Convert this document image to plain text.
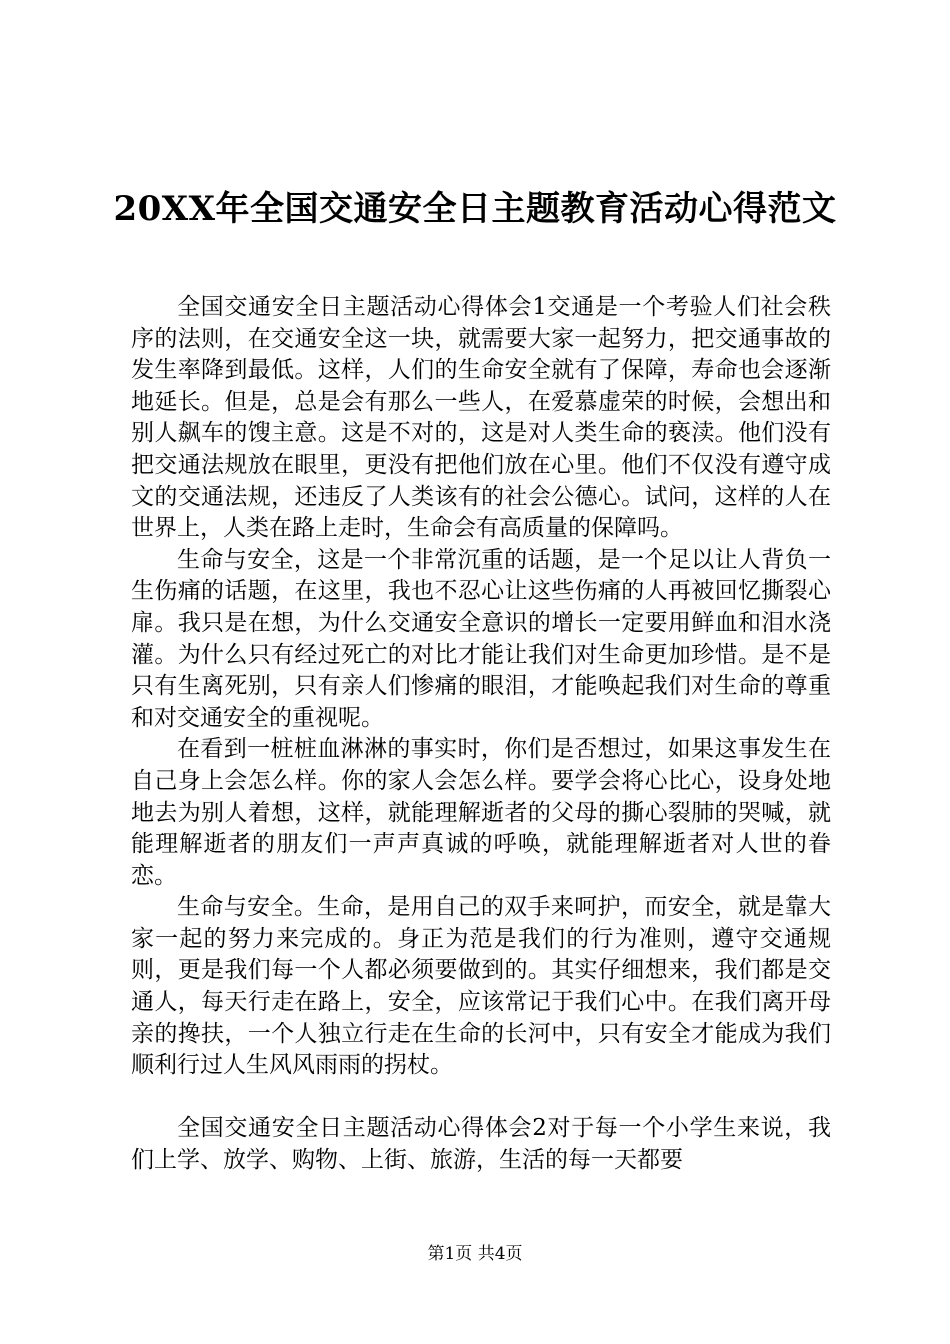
20XX年全国交通安全日主题教育活动心得范文

全国交通安全日主题活动心得体会1交通是一个考验人们社会秩序的法则，在交通安全这一块，就需要大家一起努力，把交通事故的发生率降到最低。这样，人们的生命安全就有了保障，寿命也会逐渐地延长。但是，总是会有那么一些人，在爱慕虚荣的时候，会想出和别人飙车的馊主意。这是不对的，这是对人类生命的亵渎。他们没有把交通法规放在眼里，更没有把他们放在心里。他们不仅没有遵守成文的交通法规，还违反了人类该有的社会公德心。试问，这样的人在世界上，人类在路上走时，生命会有高质量的保障吗。

生命与安全，这是一个非常沉重的话题，是一个足以让人背负一生伤痛的话题，在这里，我也不忍心让这些伤痛的人再被回忆撕裂心扉。我只是在想，为什么交通安全意识的增长一定要用鲜血和泪水浇灌。为什么只有经过死亡的对比才能让我们对生命更加珍惜。是不是只有生离死别，只有亲人们惨痛的眼泪，才能唤起我们对生命的尊重和对交通安全的重视呢。

在看到一桩桩血淋淋的事实时，你们是否想过，如果这事发生在自己身上会怎么样。你的家人会怎么样。要学会将心比心，设身处地地去为别人着想，这样，就能理解逝者的父母的撕心裂肺的哭喊，就能理解逝者的朋友们一声声真诚的呼唤，就能理解逝者对人世的眷恋。

生命与安全。生命，是用自己的双手来呵护，而安全，就是靠大家一起的努力来完成的。身正为范是我们的行为准则，遵守交通规则，更是我们每一个人都必须要做到的。其实仔细想来，我们都是交通人，每天行走在路上，安全，应该常记于我们心中。在我们离开母亲的搀扶，一个人独立行走在生命的长河中，只有安全才能成为我们顺利行过人生风风雨雨的拐杖。

全国交通安全日主题活动心得体会2对于每一个小学生来说，我们上学、放学、购物、上街、旅游，生活的每一天都要

第1页 共4页
